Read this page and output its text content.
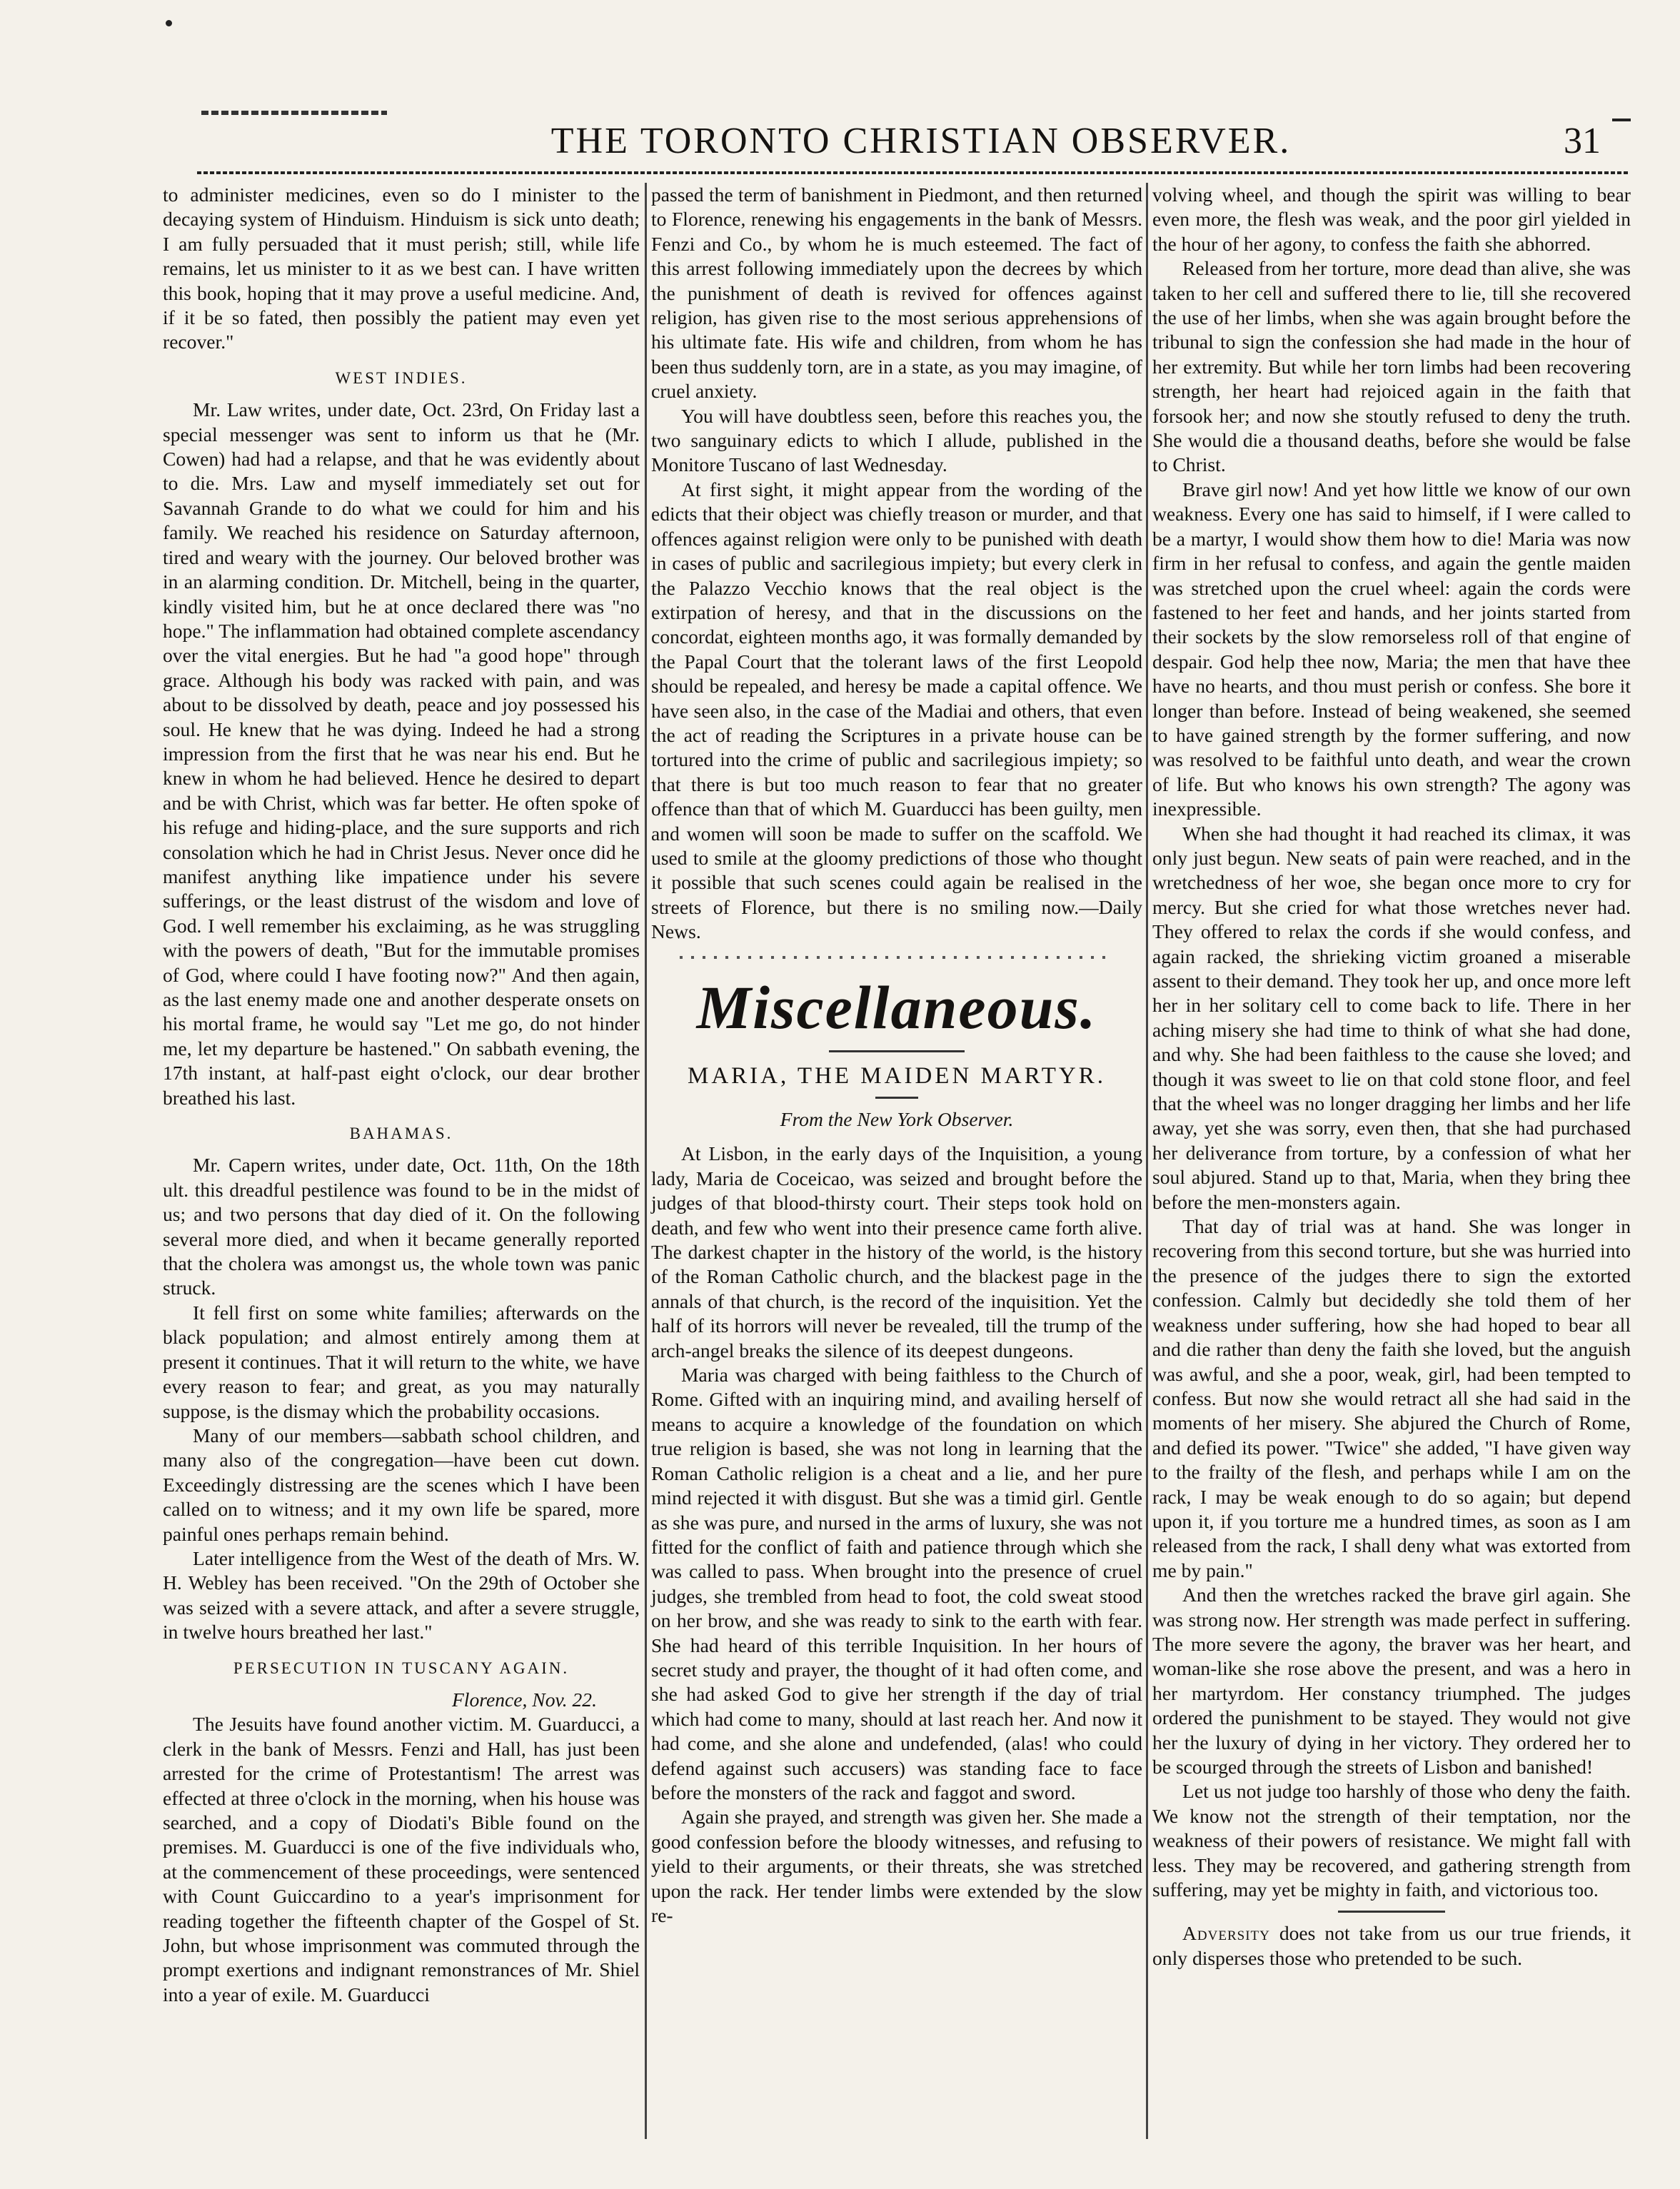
THE TORONTO CHRISTIAN OBSERVER.	31

to administer medicines, even so do I minister to the decaying system of Hinduism. Hinduism is sick unto death; I am fully persuaded that it must perish; still, while life remains, let us minister to it as we best can. I have written this book, hoping that it may prove a useful medicine. And, if it be so fated, then possibly the patient may even yet recover."

WEST INDIES.

Mr. Law writes, under date, Oct. 23rd, On Friday last a special messenger was sent to inform us that he (Mr. Cowen) had had a relapse, and that he was evidently about to die. Mrs. Law and myself immediately set out for Savannah Grande to do what we could for him and his family. We reached his residence on Saturday afternoon, tired and weary with the journey. Our beloved brother was in an alarming condition. Dr. Mitchell, being in the quarter, kindly visited him, but he at once declared there was "no hope." The inflammation had obtained complete ascendancy over the vital energies. But he had "a good hope" through grace. Although his body was racked with pain, and was about to be dissolved by death, peace and joy possessed his soul. He knew that he was dying. Indeed he had a strong impression from the first that he was near his end. But he knew in whom he had believed. Hence he desired to depart and be with Christ, which was far better. He often spoke of his refuge and hiding-place, and the sure supports and rich consolation which he had in Christ Jesus. Never once did he manifest anything like impatience under his severe sufferings, or the least distrust of the wisdom and love of God. I well remember his exclaiming, as he was struggling with the powers of death, "But for the immutable promises of God, where could I have footing now?" And then again, as the last enemy made one and another desperate onsets on his mortal frame, he would say "Let me go, do not hinder me, let my departure be hastened." On sabbath evening, the 17th instant, at half-past eight o'clock, our dear brother breathed his last.

BAHAMAS.

Mr. Capern writes, under date, Oct. 11th, On the 18th ult. this dreadful pestilence was found to be in the midst of us; and two persons that day died of it. On the following several more died, and when it became generally reported that the cholera was amongst us, the whole town was panic struck.

It fell first on some white families; afterwards on the black population; and almost entirely among them at present it continues. That it will return to the white, we have every reason to fear; and great, as you may naturally suppose, is the dismay which the probability occasions.

Many of our members—sabbath school children, and many also of the congregation—have been cut down. Exceedingly distressing are the scenes which I have been called on to witness; and it my own life be spared, more painful ones perhaps remain behind.

Later intelligence from the West of the death of Mrs. W. H. Webley has been received. "On the 29th of October she was seized with a severe attack, and after a severe struggle, in twelve hours breathed her last."

PERSECUTION IN TUSCANY AGAIN.

Florence, Nov. 22.

The Jesuits have found another victim. M. Guarducci, a clerk in the bank of Messrs. Fenzi and Hall, has just been arrested for the crime of Protestantism! The arrest was effected at three o'clock in the morning, when his house was searched, and a copy of Diodati's Bible found on the premises. M. Guarducci is one of the five individuals who, at the commencement of these proceedings, were sentenced with Count Guiccardino to a year's imprisonment for reading together the fifteenth chapter of the Gospel of St. John, but whose imprisonment was commuted through the prompt exertions and indignant remonstrances of Mr. Shiel into a year of exile. M. Guarducci

passed the term of banishment in Piedmont, and then returned to Florence, renewing his engagements in the bank of Messrs. Fenzi and Co., by whom he is much esteemed. The fact of this arrest following immediately upon the decrees by which the punishment of death is revived for offences against religion, has given rise to the most serious apprehensions of his ultimate fate. His wife and children, from whom he has been thus suddenly torn, are in a state, as you may imagine, of cruel anxiety.

You will have doubtless seen, before this reaches you, the two sanguinary edicts to which I allude, published in the Monitore Tuscano of last Wednesday.

At first sight, it might appear from the wording of the edicts that their object was chiefly treason or murder, and that offences against religion were only to be punished with death in cases of public and sacrilegious impiety; but every clerk in the Palazzo Vecchio knows that the real object is the extirpation of heresy, and that in the discussions on the concordat, eighteen months ago, it was formally demanded by the Papal Court that the tolerant laws of the first Leopold should be repealed, and heresy be made a capital offence. We have seen also, in the case of the Madiai and others, that even the act of reading the Scriptures in a private house can be tortured into the crime of public and sacrilegious impiety; so that there is but too much reason to fear that no greater offence than that of which M. Guarducci has been guilty, men and women will soon be made to suffer on the scaffold. We used to smile at the gloomy predictions of those who thought it possible that such scenes could again be realised in the streets of Florence, but there is no smiling now.—Daily News.

Miscellaneous.
MARIA, THE MAIDEN MARTYR.
From the New York Observer.

At Lisbon, in the early days of the Inquisition, a young lady, Maria de Coceicao, was seized and brought before the judges of that blood-thirsty court. Their steps took hold on death, and few who went into their presence came forth alive. The darkest chapter in the history of the world, is the history of the Roman Catholic church, and the blackest page in the annals of that church, is the record of the inquisition. Yet the half of its horrors will never be revealed, till the trump of the arch-angel breaks the silence of its deepest dungeons.

Maria was charged with being faithless to the Church of Rome. Gifted with an inquiring mind, and availing herself of means to acquire a knowledge of the foundation on which true religion is based, she was not long in learning that the Roman Catholic religion is a cheat and a lie, and her pure mind rejected it with disgust. But she was a timid girl. Gentle as she was pure, and nursed in the arms of luxury, she was not fitted for the conflict of faith and patience through which she was called to pass. When brought into the presence of cruel judges, she trembled from head to foot, the cold sweat stood on her brow, and she was ready to sink to the earth with fear. She had heard of this terrible Inquisition. In her hours of secret study and prayer, the thought of it had often come, and she had asked God to give her strength if the day of trial which had come to many, should at last reach her. And now it had come, and she alone and undefended, (alas! who could defend against such accusers) was standing face to face before the monsters of the rack and faggot and sword.

Again she prayed, and strength was given her. She made a good confession before the bloody witnesses, and refusing to yield to their arguments, or their threats, she was stretched upon the rack. Her tender limbs were extended by the slow re-

volving wheel, and though the spirit was willing to bear even more, the flesh was weak, and the poor girl yielded in the hour of her agony, to confess the faith she abhorred.

Released from her torture, more dead than alive, she was taken to her cell and suffered there to lie, till she recovered the use of her limbs, when she was again brought before the tribunal to sign the confession she had made in the hour of her extremity. But while her torn limbs had been recovering strength, her heart had rejoiced again in the faith that forsook her; and now she stoutly refused to deny the truth. She would die a thousand deaths, before she would be false to Christ.

Brave girl now! And yet how little we know of our own weakness. Every one has said to himself, if I were called to be a martyr, I would show them how to die! Maria was now firm in her refusal to confess, and again the gentle maiden was stretched upon the cruel wheel: again the cords were fastened to her feet and hands, and her joints started from their sockets by the slow remorseless roll of that engine of despair. God help thee now, Maria; the men that have thee have no hearts, and thou must perish or confess. She bore it longer than before. Instead of being weakened, she seemed to have gained strength by the former suffering, and now was resolved to be faithful unto death, and wear the crown of life. But who knows his own strength? The agony was inexpressible.

When she had thought it had reached its climax, it was only just begun. New seats of pain were reached, and in the wretchedness of her woe, she began once more to cry for mercy. But she cried for what those wretches never had. They offered to relax the cords if she would confess, and again racked, the shrieking victim groaned a miserable assent to their demand. They took her up, and once more left her in her solitary cell to come back to life. There in her aching misery she had time to think of what she had done, and why. She had been faithless to the cause she loved; and though it was sweet to lie on that cold stone floor, and feel that the wheel was no longer dragging her limbs and her life away, yet she was sorry, even then, that she had purchased her deliverance from torture, by a confession of what her soul abjured. Stand up to that, Maria, when they bring thee before the men-monsters again.

That day of trial was at hand. She was longer in recovering from this second torture, but she was hurried into the presence of the judges there to sign the extorted confession. Calmly but decidedly she told them of her weakness under suffering, how she had hoped to bear all and die rather than deny the faith she loved, but the anguish was awful, and she a poor, weak, girl, had been tempted to confess. But now she would retract all she had said in the moments of her misery. She abjured the Church of Rome, and defied its power. "Twice" she added, "I have given way to the frailty of the flesh, and perhaps while I am on the rack, I may be weak enough to do so again; but depend upon it, if you torture me a hundred times, as soon as I am released from the rack, I shall deny what was extorted from me by pain."

And then the wretches racked the brave girl again. She was strong now. Her strength was made perfect in suffering. The more severe the agony, the braver was her heart, and woman-like she rose above the present, and was a hero in her martyrdom. Her constancy triumphed. The judges ordered the punishment to be stayed. They would not give her the luxury of dying in her victory. They ordered her to be scourged through the streets of Lisbon and banished!

Let us not judge too harshly of those who deny the faith. We know not the strength of their temptation, nor the weakness of their powers of resistance. We might fall with less. They may be recovered, and gathering strength from suffering, may yet be mighty in faith, and victorious too.

Adversity does not take from us our true friends, it only disperses those who pretended to be such.
